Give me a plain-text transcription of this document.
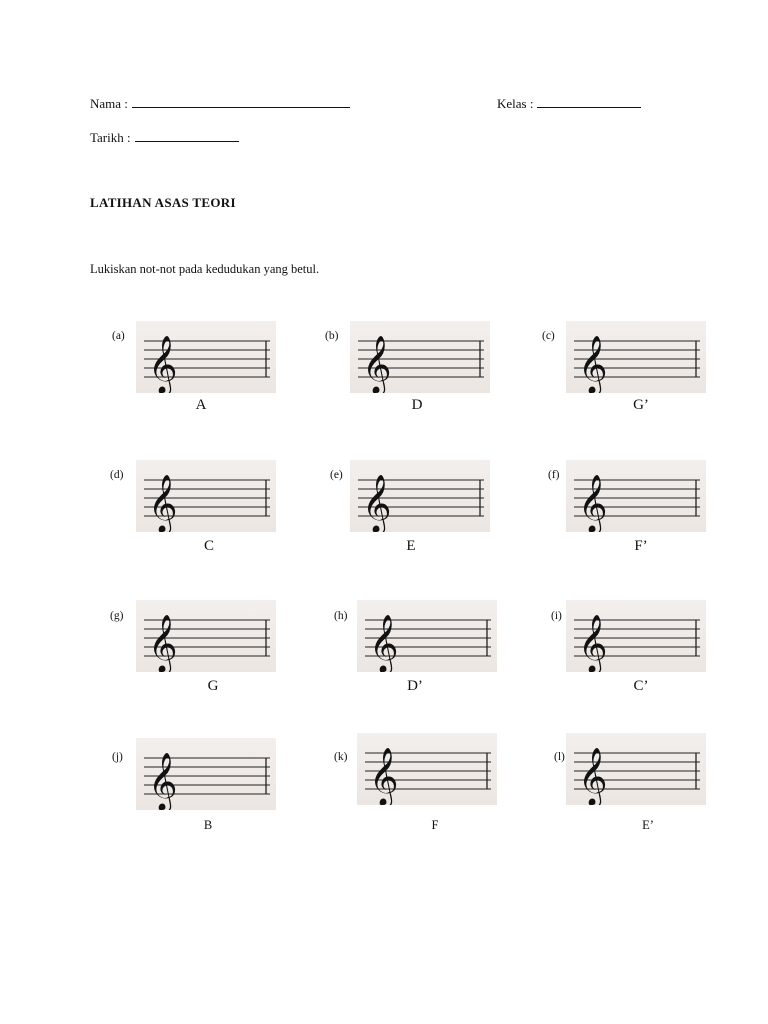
Nama :	Kelas :
Tarikh :
LATIHAN ASAS TEORI
Lukiskan not-not pada kedudukan yang betul.
(a) 𝄞
A
(b) 𝄞
D
(c) 𝄞
G’
(d) 𝄞
C
(e) 𝄞
E
(f) 𝄞
F’
(g) 𝄞
G
(h) 𝄞
D’
(i) 𝄞
C’
(j) 𝄞
B
(k) 𝄞
F
(l) 𝄞
E’
